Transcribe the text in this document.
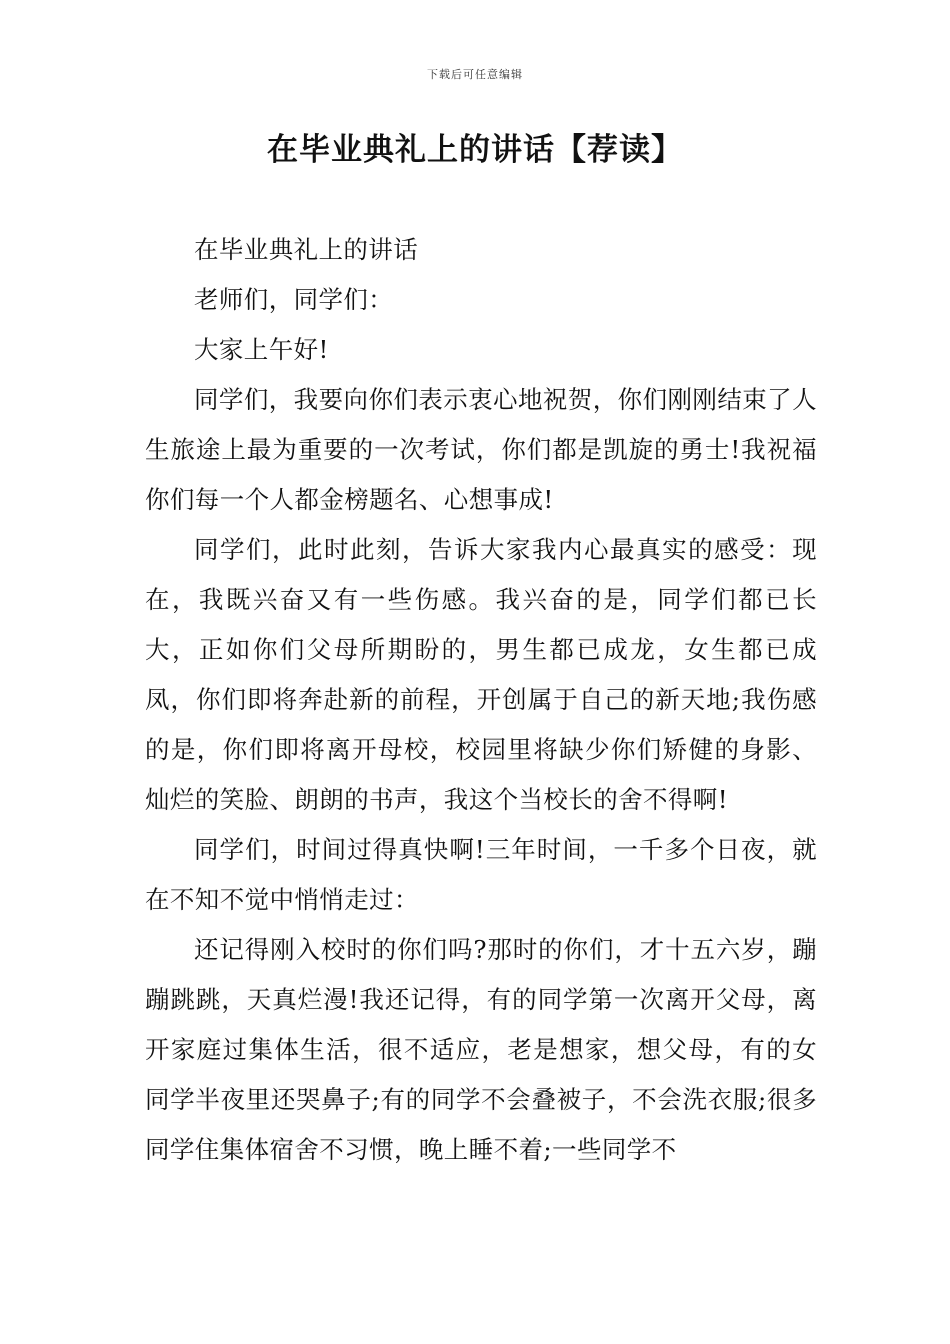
下载后可任意编辑
在毕业典礼上的讲话【荐读】

在毕业典礼上的讲话

老师们，同学们：

大家上午好!

同学们，我要向你们表示衷心地祝贺，你们刚刚结束了人生旅途上最为重要的一次考试，你们都是凯旋的勇士!我祝福你们每一个人都金榜题名、心想事成!

同学们，此时此刻，告诉大家我内心最真实的感受：现在，我既兴奋又有一些伤感。我兴奋的是，同学们都已长大，正如你们父母所期盼的，男生都已成龙，女生都已成凤，你们即将奔赴新的前程，开创属于自己的新天地;我伤感的是，你们即将离开母校，校园里将缺少你们矫健的身影、灿烂的笑脸、朗朗的书声，我这个当校长的舍不得啊!

同学们，时间过得真快啊!三年时间，一千多个日夜，就在不知不觉中悄悄走过：

还记得刚入校时的你们吗?那时的你们，才十五六岁，蹦蹦跳跳，天真烂漫!我还记得，有的同学第一次离开父母，离开家庭过集体生活，很不适应，老是想家，想父母，有的女同学半夜里还哭鼻子;有的同学不会叠被子，不会洗衣服;很多同学住集体宿舍不习惯，晚上睡不着;一些同学不
